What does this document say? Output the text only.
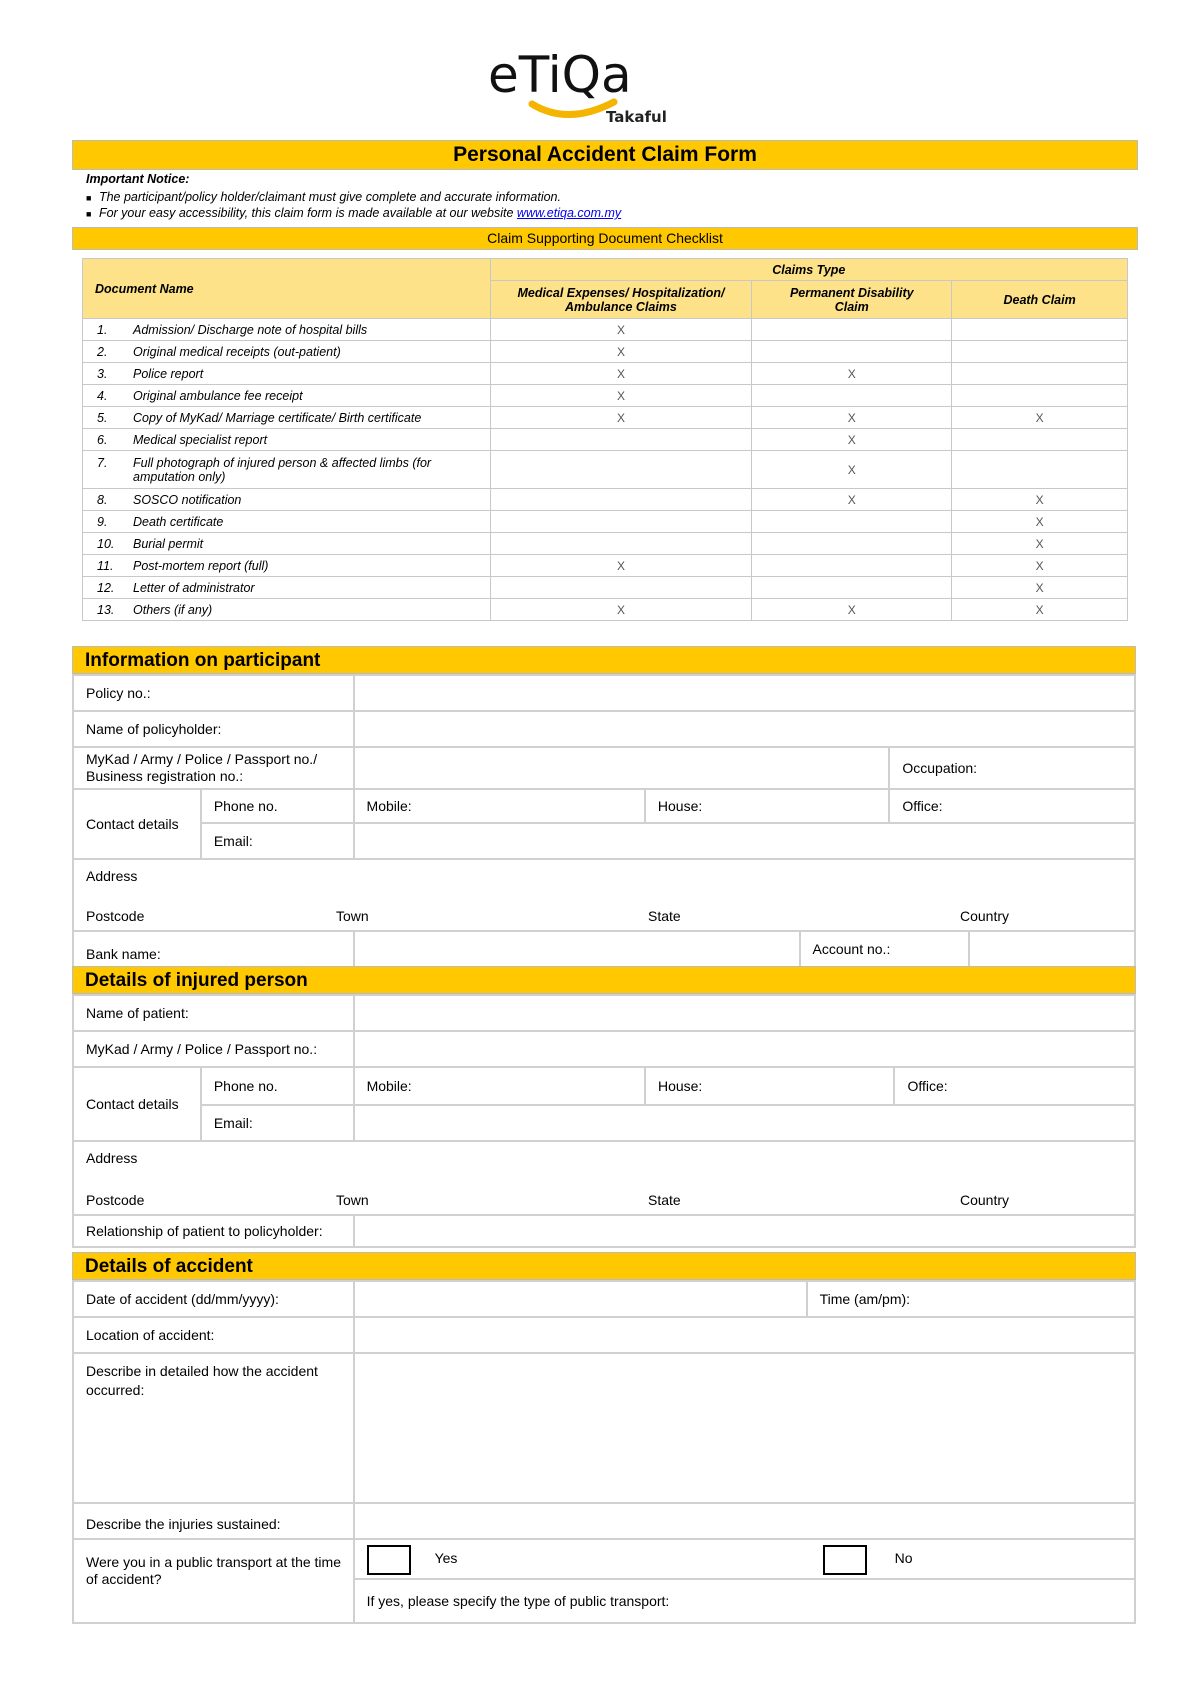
eTiQa
Takaful
Personal Accident Claim Form
Important Notice:
■   The participant/policy holder/claimant must give complete and accurate information.
■   For your easy accessibility, this claim form is made available at our website www.etiqa.com.my
Claim Supporting Document Checklist
Document Name	Claims Type		
	Medical Expenses/ Hospitalization/ Ambulance Claims	Permanent Disability Claim	Death Claim

1. Admission/ Discharge note of hospital bills	X		

2. Original medical receipts (out-patient)	X		

3. Police report	X	X	

4. Original ambulance fee receipt	X		

5. Copy of MyKad/ Marriage certificate/ Birth certificate	X	X	X

6. Medical specialist report		X	

7. Full photograph of injured person & affected limbs (for amputation only)		X	

8. SOSCO notification		X	X

9. Death certificate			X

10. Burial permit			X

11. Post-mortem report (full)	X		X

12. Letter of administrator			X

13. Others (if any)	X	X	X
Information on participant
Policy no.:						
Name of policyholder:						
MyKad / Army / Police / Passport no./ Business registration no.:					Occupation:	
Contact details	Phone no.	Mobile:	House:		Office:	
	Email:					

Address
Postcode Town State Country						

Bank name:				Account no.:		
Details of injured person
Name of patient:				
MyKad / Army / Police / Passport no.:				
Contact details	Phone no.	Mobile:	House:	Office:
	Email:			

Address
Postcode Town State Country				

Relationship of patient to policyholder:				
Details of accident
Date of accident (dd/mm/yyyy):		Time (am/pm):
Location of accident:		
Describe in detailed how the accident occurred:		
Describe the injuries sustained:		
Were you in a public transport at the time of accident?	Yes No	

	If yes, please specify the type of public transport:	
